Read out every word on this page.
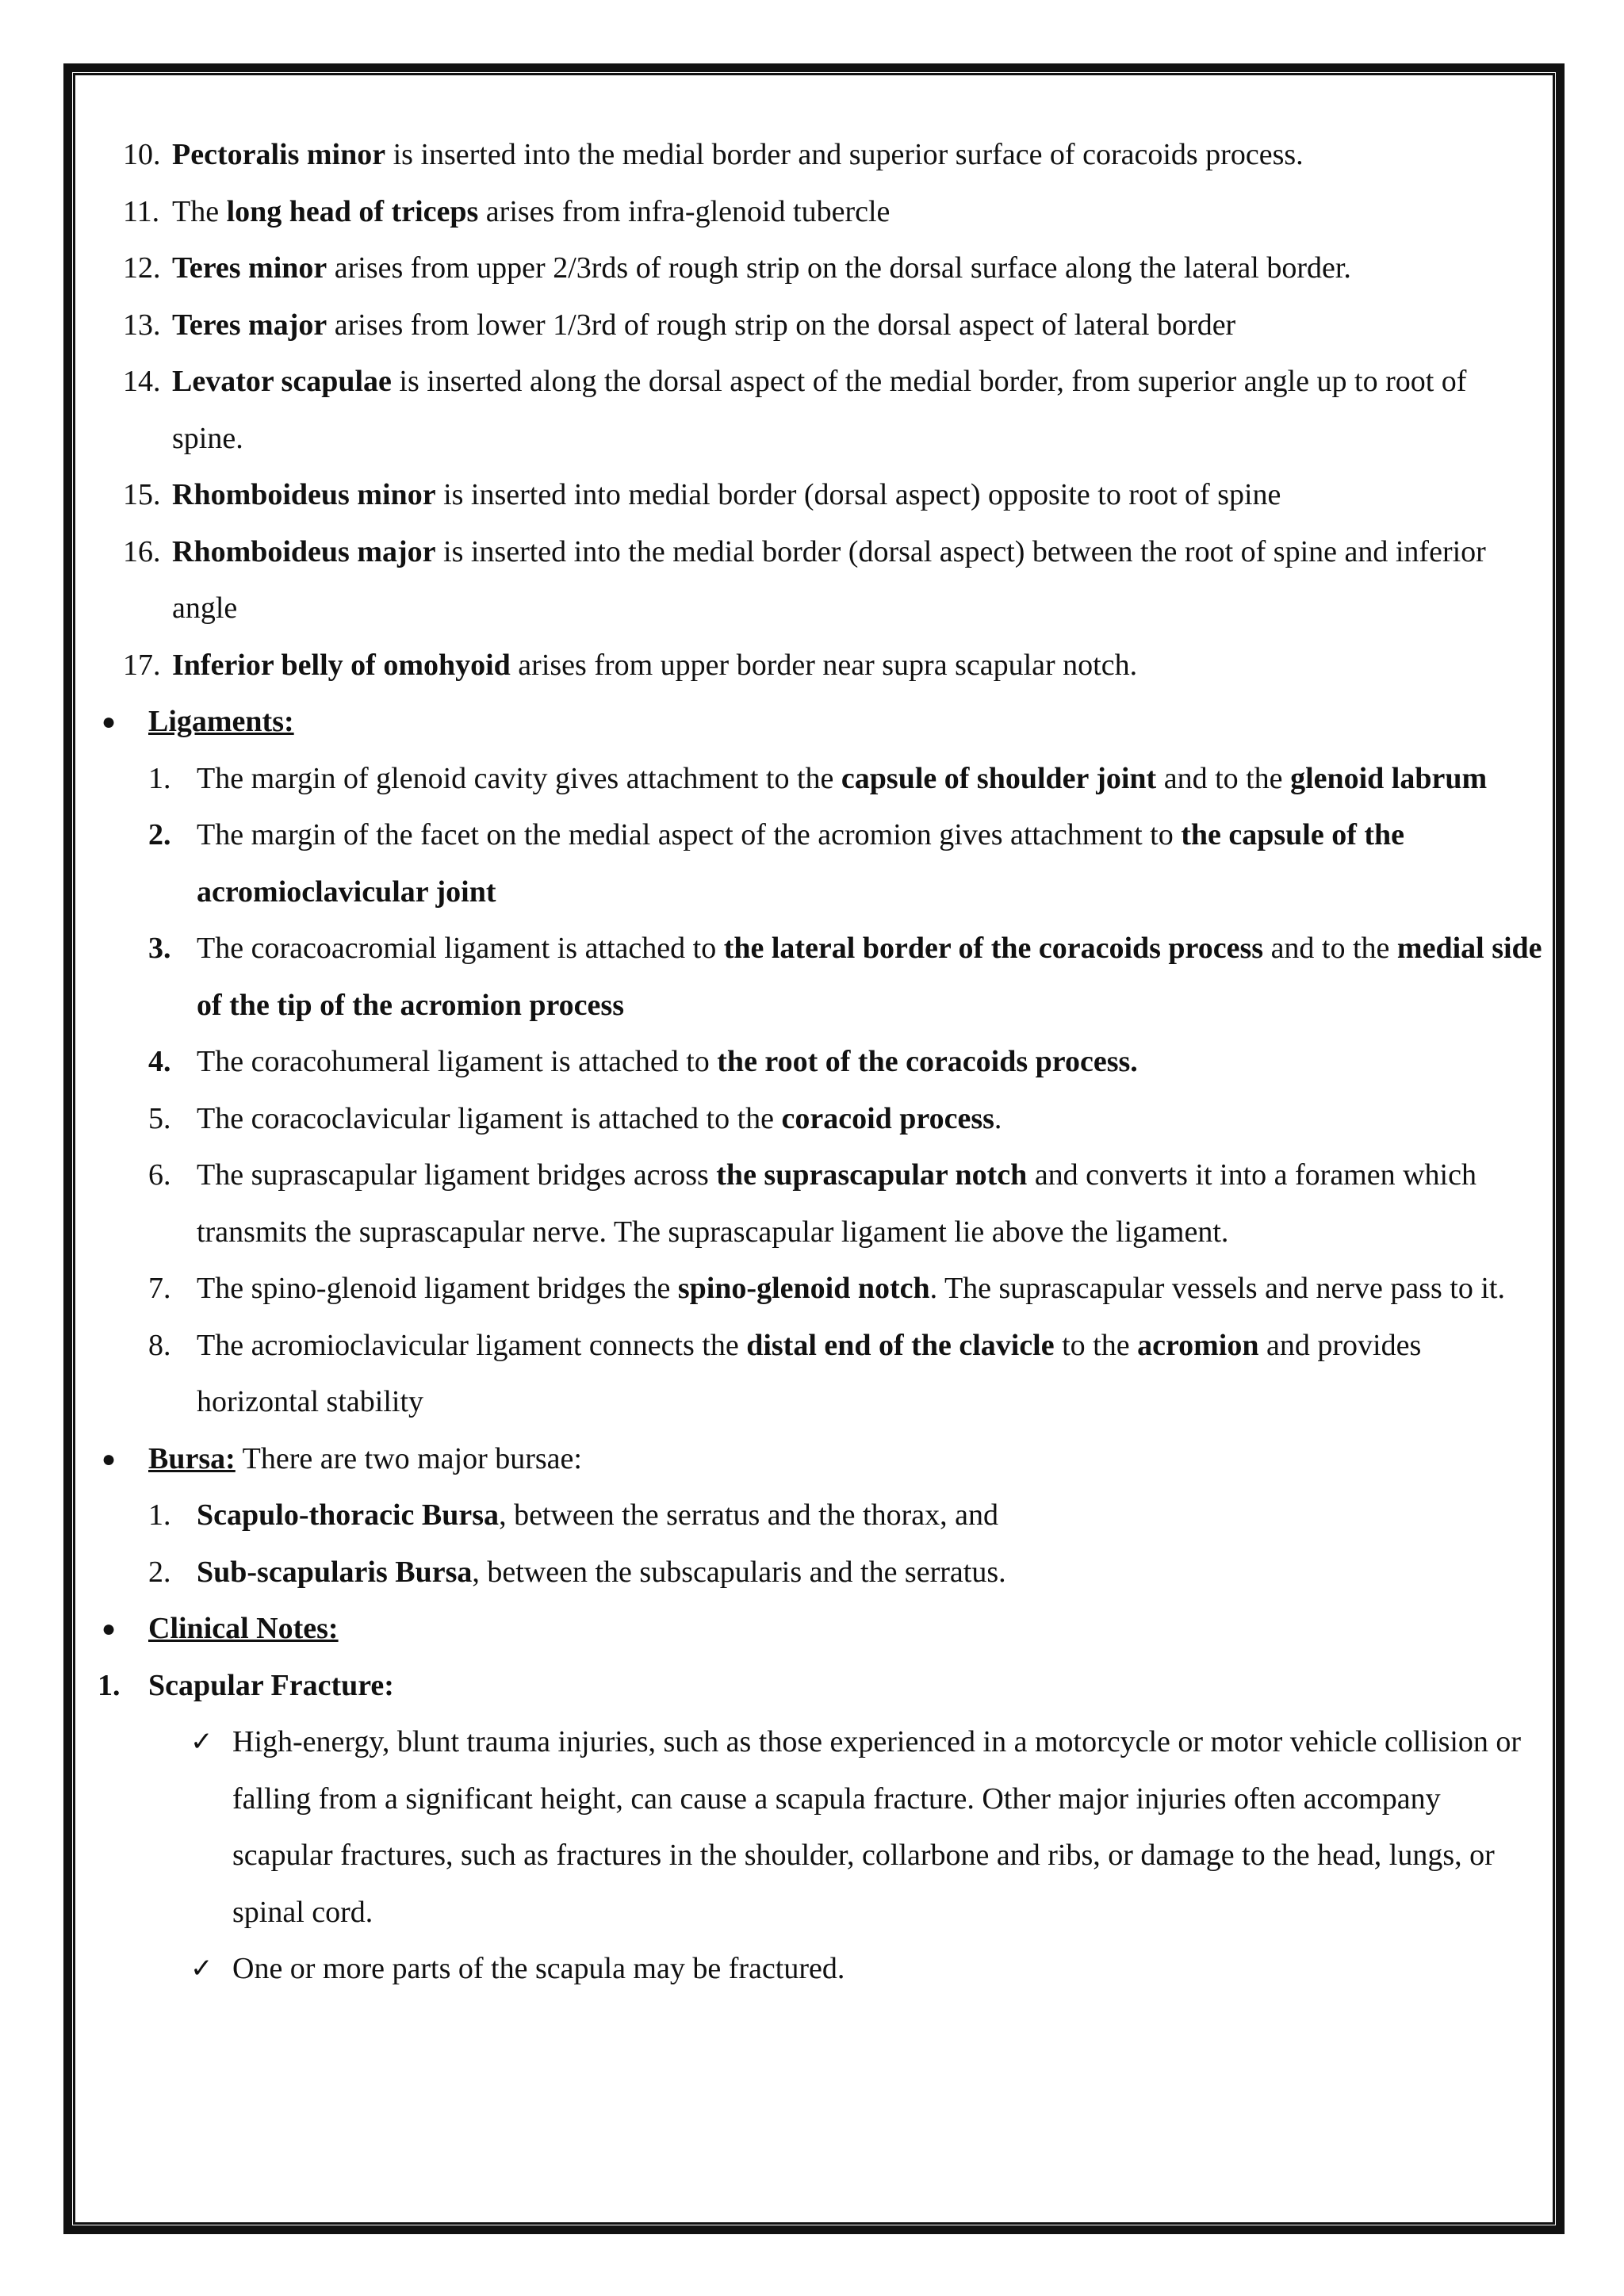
10. Pectoralis minor is inserted into the medial border and superior surface of coracoids process.
11. The long head of triceps arises from infra-glenoid tubercle
12. Teres minor arises from upper 2/3rds of rough strip on the dorsal surface along the lateral border.
13. Teres major arises from lower 1/3rd of rough strip on the dorsal aspect of lateral border
14. Levator scapulae is inserted along the dorsal aspect of the medial border, from superior angle up to root of spine.
15. Rhomboideus minor is inserted into medial border (dorsal aspect) opposite to root of spine
16. Rhomboideus major is inserted into the medial border (dorsal aspect) between the root of spine and inferior angle
17. Inferior belly of omohyoid arises from upper border near supra scapular notch.
●	Ligaments:
1. The margin of glenoid cavity gives attachment to the capsule of shoulder joint and to the glenoid labrum
2. The margin of the facet on the medial aspect of the acromion gives attachment to the capsule of the acromioclavicular joint
3. The coracoacromial ligament is attached to the lateral border of the coracoids process and to the medial side of the tip of the acromion process
4. The coracohumeral ligament is attached to the root of the coracoids process.
5. The coracoclavicular ligament is attached to the coracoid process.
6. The suprascapular ligament bridges across the suprascapular notch and converts it into a foramen which transmits the suprascapular nerve. The suprascapular ligament lie above the ligament.
7. The spino-glenoid ligament bridges the spino-glenoid notch. The suprascapular vessels and nerve pass to it.
8. The acromioclavicular ligament connects the distal end of the clavicle to the acromion and provides horizontal stability
●	Bursa: There are two major bursae:
1. Scapulo-thoracic Bursa, between the serratus and the thorax, and
2. Sub-scapularis Bursa, between the subscapularis and the serratus.
●	Clinical Notes:
1. Scapular Fracture:
✓ High-energy, blunt trauma injuries, such as those experienced in a motorcycle or motor vehicle collision or falling from a significant height, can cause a scapula fracture. Other major injuries often accompany scapular fractures, such as fractures in the shoulder, collarbone and ribs, or damage to the head, lungs, or spinal cord.
✓ One or more parts of the scapula may be fractured.
